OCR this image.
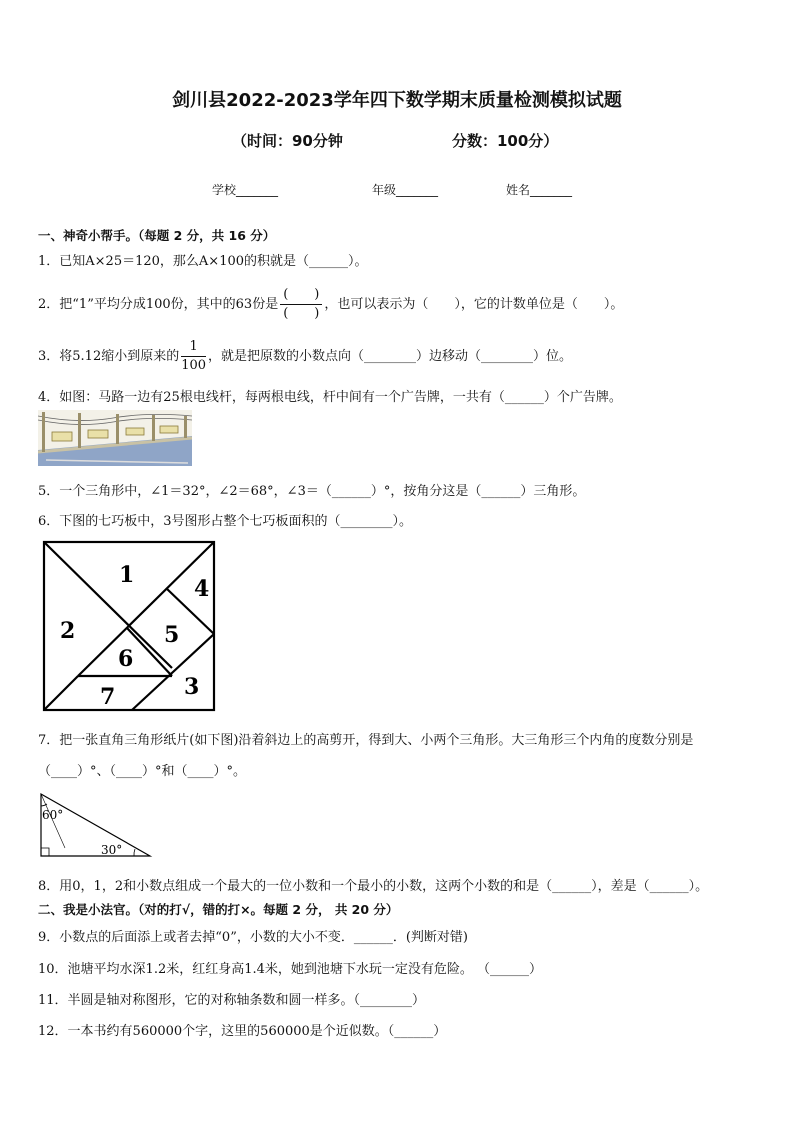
剑川县2022-2023学年四下数学期末质量检测模拟试题
（时间：90分钟	分数：100分）
学校_______	年级_______	姓名_______
一、神奇小帮手。（每题 2 分，共 16 分）
1．已知A×25＝120，那么A×100的积就是（______）。
2．把“1”平均分成100份，其中的63份是 $\frac{( )}{( )}$ ，也可以表示为（　　），它的计数单位是（　　）。
3．将5.12缩小到原来的 $\frac{1}{100}$ ，就是把原数的小数点向（________）边移动（________）位。
4．如图：马路一边有25根电线杆，每两根电线，杆中间有一个广告牌，一共有（______）个广告牌。
5．一个三角形中，∠1＝32°，∠2＝68°，∠3＝（______）°，按角分这是（______）三角形。
6．下图的七巧板中，3号图形占整个七巧板面积的（________）。
1
2
3
4
5
6
7
7．把一张直角三角形纸片(如下图)沿着斜边上的高剪开，得到大、小两个三角形。大三角形三个内角的度数分别是
（____）°、（____）°和（____）°。
60°
30°
8．用0，1，2和小数点组成一个最大的一位小数和一个最小的小数，这两个小数的和是（______），差是（______）。
二、我是小法官。（对的打√，错的打×。每题 2 分， 共 20 分）
9．小数点的后面添上或者去掉“0”，小数的大小不变．______．(判断对错)
10．池塘平均水深1.2米，红红身高1.4米，她到池塘下水玩一定没有危险。 （______）
11．半圆是轴对称图形，它的对称轴条数和圆一样多。（________）
12．一本书约有560000个字，这里的560000是个近似数。（______）
